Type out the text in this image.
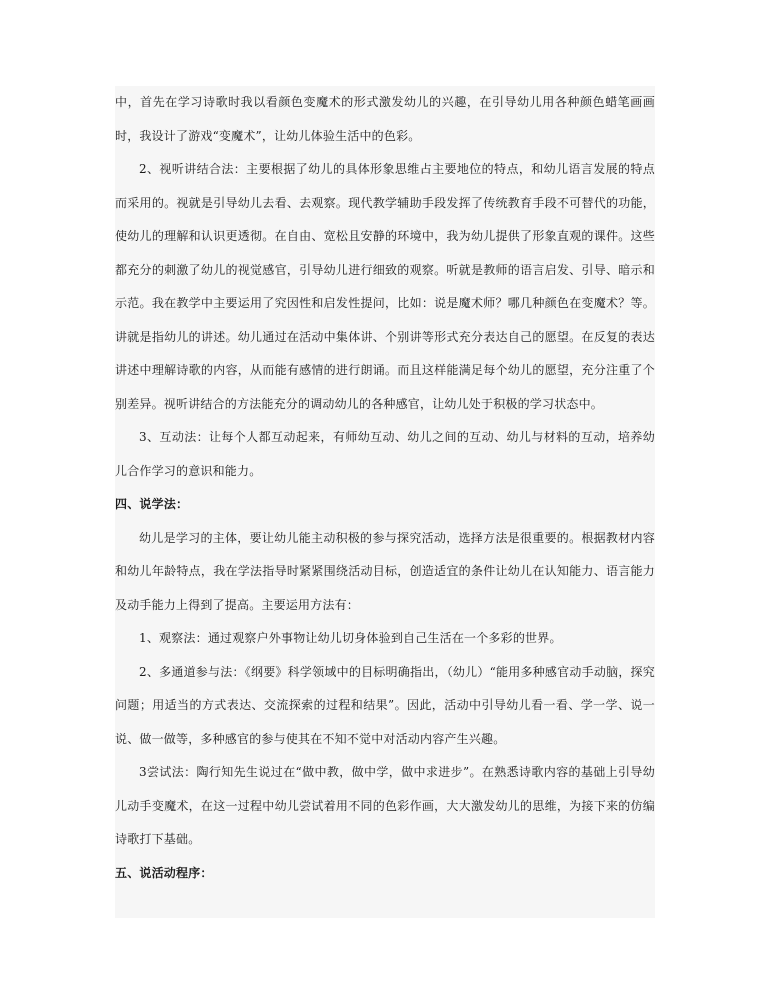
中，首先在学习诗歌时我以看颜色变魔术的形式激发幼儿的兴趣，在引导幼儿用各种颜色蜡笔画画时，我设计了游戏“变魔术”，让幼儿体验生活中的色彩。

2、视听讲结合法：主要根据了幼儿的具体形象思维占主要地位的特点，和幼儿语言发展的特点而采用的。视就是引导幼儿去看、去观察。现代教学辅助手段发挥了传统教育手段不可替代的功能，使幼儿的理解和认识更透彻。在自由、宽松且安静的环境中，我为幼儿提供了形象直观的课件。这些都充分的刺激了幼儿的视觉感官，引导幼儿进行细致的观察。听就是教师的语言启发、引导、暗示和示范。我在教学中主要运用了究因性和启发性提问，比如：说是魔术师？哪几种颜色在变魔术？等。讲就是指幼儿的讲述。幼儿通过在活动中集体讲、个别讲等形式充分表达自己的愿望。在反复的表达讲述中理解诗歌的内容，从而能有感情的进行朗诵。而且这样能满足每个幼儿的愿望，充分注重了个别差异。视听讲结合的方法能充分的调动幼儿的各种感官，让幼儿处于积极的学习状态中。

3、互动法：让每个人都互动起来，有师幼互动、幼儿之间的互动、幼儿与材料的互动，培养幼儿合作学习的意识和能力。

四、说学法：

幼儿是学习的主体，要让幼儿能主动积极的参与探究活动，选择方法是很重要的。根据教材内容和幼儿年龄特点，我在学法指导时紧紧围绕活动目标，创造适宜的条件让幼儿在认知能力、语言能力及动手能力上得到了提高。主要运用方法有：

1、观察法：通过观察户外事物让幼儿切身体验到自己生活在一个多彩的世界。

2、多通道参与法：《纲要》科学领域中的目标明确指出，（幼儿）“能用多种感官动手动脑，探究问题；用适当的方式表达、交流探索的过程和结果”。因此，活动中引导幼儿看一看、学一学、说一说、做一做等，多种感官的参与使其在不知不觉中对活动内容产生兴趣。

3尝试法：陶行知先生说过在“做中教，做中学，做中求进步”。在熟悉诗歌内容的基础上引导幼儿动手变魔术，在这一过程中幼儿尝试着用不同的色彩作画，大大激发幼儿的思维，为接下来的仿编诗歌打下基础。

五、说活动程序：
